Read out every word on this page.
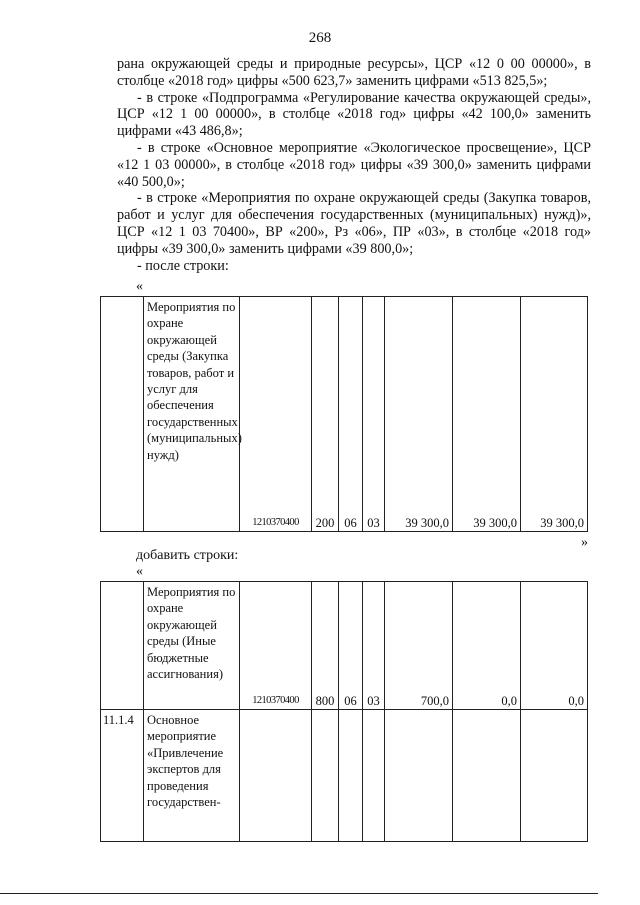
268

рана окружающей среды и природные ресурсы», ЦСР «12 0 00 00000», в столбце «2018 год» цифры «500 623,7» заменить цифрами «513 825,5»;

- в строке «Подпрограмма «Регулирование качества окружающей среды», ЦСР «12 1 00 00000», в столбце «2018 год» цифры «42 100,0» заменить цифрами «43 486,8»;

- в строке «Основное мероприятие «Экологическое просвещение», ЦСР «12 1 03 00000», в столбце «2018 год» цифры «39 300,0» заменить цифрами «40 500,0»;

- в строке «Мероприятия по охране окружающей среды (Закупка товаров, работ и услуг для обеспечения государственных (муниципальных) нужд)», ЦСР «12 1 03 70400», ВР «200», Рз «06», ПР «03», в столбце «2018 год» цифры «39 300,0» заменить цифрами «39 800,0»;

- после строки:

«
	Мероприятия по охране окружающей среды (Закупка товаров, работ и услуг для обеспечения государственных (муниципальных) нужд)	1210370400	200	06	03	39 300,0	39 300,0	39 300,0
»
добавить строки:
«
	Мероприятия по охране окружающей среды (Иные бюджетные ассигнования)	1210370400	800	06	03	700,0	0,0	0,0
11.1.4	Основное мероприятие «Привлечение экспертов для проведения государствен-							
